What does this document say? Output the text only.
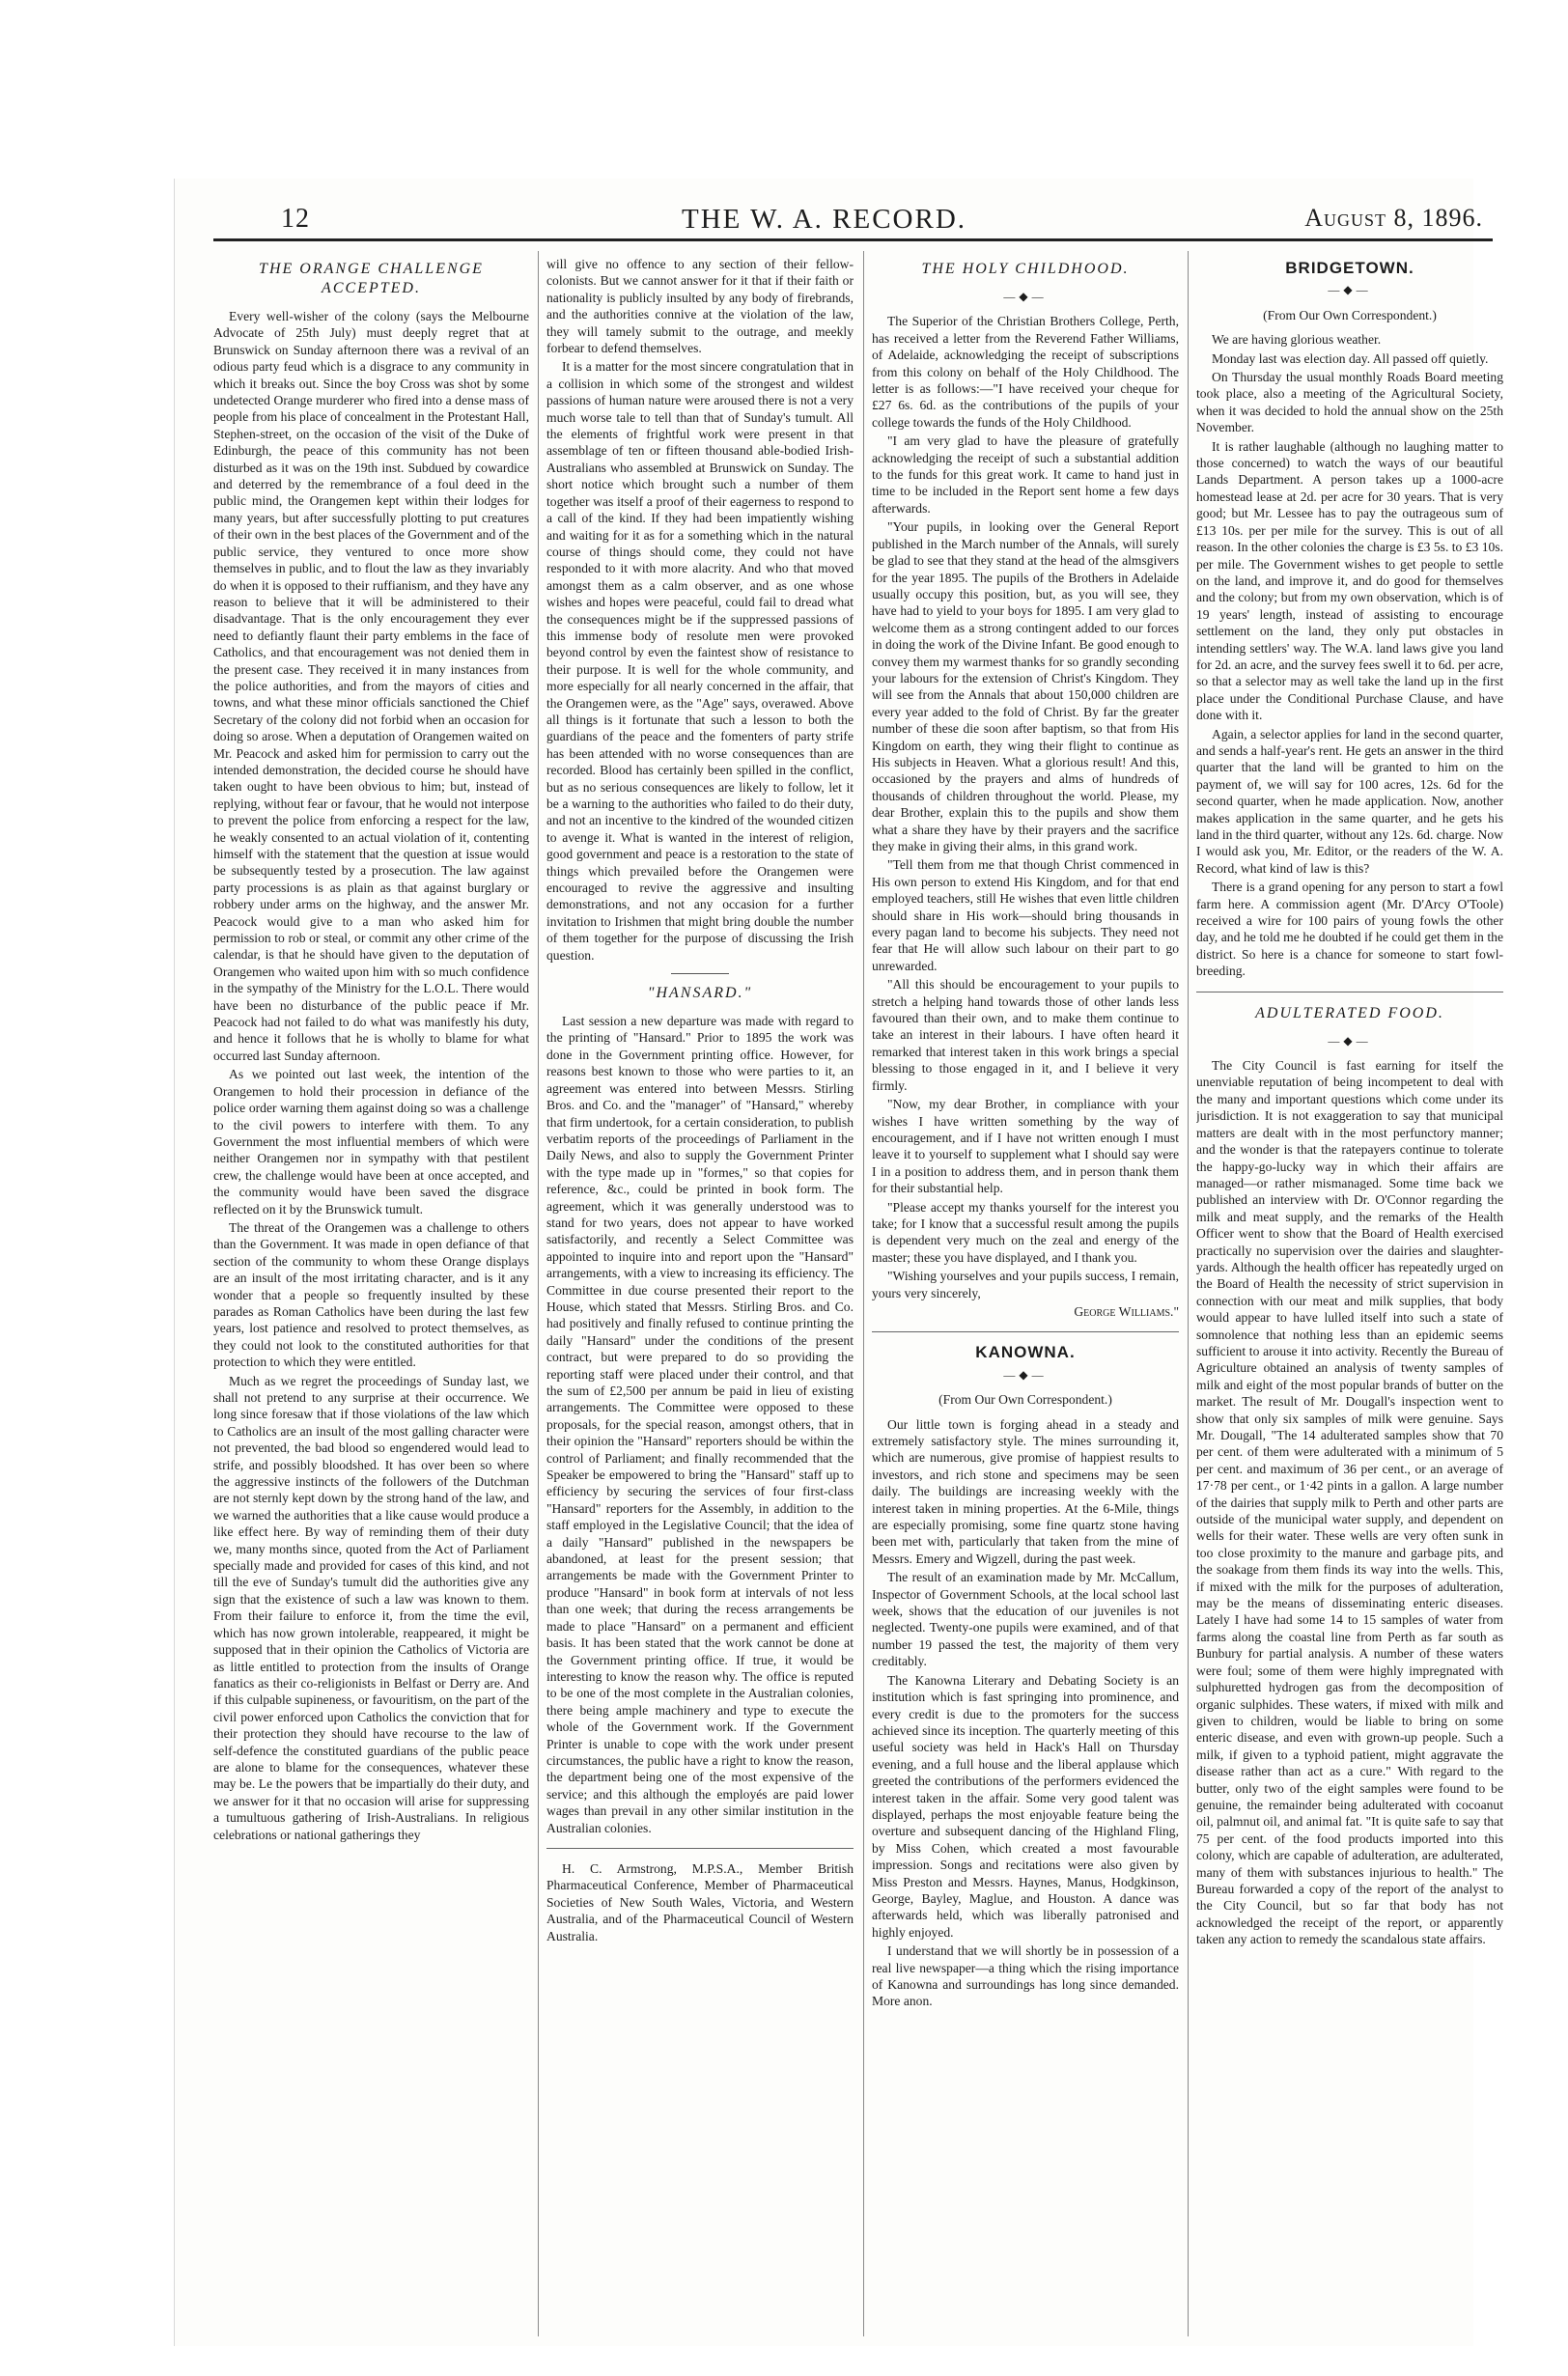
12	THE W. A. RECORD.	August 8, 1896.
THE ORANGE CHALLENGE ACCEPTED.

Every well-wisher of the colony (says the Melbourne Advocate of 25th July) must deeply regret that at Brunswick on Sunday afternoon there was a revival of an odious party feud which is a disgrace to any community in which it breaks out. Since the boy Cross was shot by some undetected Orange murderer who fired into a dense mass of people from his place of concealment in the Protestant Hall, Stephen-street, on the occasion of the visit of the Duke of Edinburgh, the peace of this community has not been disturbed as it was on the 19th inst. Subdued by cowardice and deterred by the remembrance of a foul deed in the public mind, the Orangemen kept within their lodges for many years, but after successfully plotting to put creatures of their own in the best places of the Government and of the public service, they ventured to once more show themselves in public, and to flout the law as they invariably do when it is opposed to their ruffianism, and they have any reason to believe that it will be administered to their disadvantage. That is the only encouragement they ever need to defiantly flaunt their party emblems in the face of Catholics, and that encouragement was not denied them in the present case. They received it in many instances from the police authorities, and from the mayors of cities and towns, and what these minor officials sanctioned the Chief Secretary of the colony did not forbid when an occasion for doing so arose. When a deputation of Orangemen waited on Mr. Peacock and asked him for permission to carry out the intended demonstration, the decided course he should have taken ought to have been obvious to him; but, instead of replying, without fear or favour, that he would not interpose to prevent the police from enforcing a respect for the law, he weakly consented to an actual violation of it, contenting himself with the statement that the question at issue would be subsequently tested by a prosecution. The law against party processions is as plain as that against burglary or robbery under arms on the highway, and the answer Mr. Peacock would give to a man who asked him for permission to rob or steal, or commit any other crime of the calendar, is that he should have given to the deputation of Orangemen who waited upon him with so much confidence in the sympathy of the Ministry for the L.O.L. There would have been no disturbance of the public peace if Mr. Peacock had not failed to do what was manifestly his duty, and hence it follows that he is wholly to blame for what occurred last Sunday afternoon.

As we pointed out last week, the intention of the Orangemen to hold their procession in defiance of the police order warning them against doing so was a challenge to the civil powers to interfere with them. To any Government the most influential members of which were neither Orangemen nor in sympathy with that pestilent crew, the challenge would have been at once accepted, and the community would have been saved the disgrace reflected on it by the Brunswick tumult.

The threat of the Orangemen was a challenge to others than the Government. It was made in open defiance of that section of the community to whom these Orange displays are an insult of the most irritating character, and is it any wonder that a people so frequently insulted by these parades as Roman Catholics have been during the last few years, lost patience and resolved to protect themselves, as they could not look to the constituted authorities for that protection to which they were entitled.

Much as we regret the proceedings of Sunday last, we shall not pretend to any surprise at their occurrence. We long since foresaw that if those violations of the law which to Catholics are an insult of the most galling character were not prevented, the bad blood so engendered would lead to strife, and possibly bloodshed. It has over been so where the aggressive instincts of the followers of the Dutchman are not sternly kept down by the strong hand of the law, and we warned the authorities that a like cause would produce a like effect here. By way of reminding them of their duty we, many months since, quoted from the Act of Parliament specially made and provided for cases of this kind, and not till the eve of Sunday's tumult did the authorities give any sign that the existence of such a law was known to them. From their failure to enforce it, from the time the evil, which has now grown intolerable, reappeared, it might be supposed that in their opinion the Catholics of Victoria are as little entitled to protection from the insults of Orange fanatics as their co-religionists in Belfast or Derry are. And if this culpable supineness, or favouritism, on the part of the civil power enforced upon Catholics the conviction that for their protection they should have recourse to the law of self-defence the constituted guardians of the public peace are alone to blame for the consequences, whatever these may be. Le the powers that be impartially do their duty, and we answer for it that no occasion will arise for suppressing a tumultuous gathering of Irish-Australians. In religious celebrations or national gatherings they

will give no offence to any section of their fellow-colonists. But we cannot answer for it that if their faith or nationality is publicly insulted by any body of firebrands, and the authorities connive at the violation of the law, they will tamely submit to the outrage, and meekly forbear to defend themselves.

It is a matter for the most sincere congratulation that in a collision in which some of the strongest and wildest passions of human nature were aroused there is not a very much worse tale to tell than that of Sunday's tumult. All the elements of frightful work were present in that assemblage of ten or fifteen thousand able-bodied Irish-Australians who assembled at Brunswick on Sunday. The short notice which brought such a number of them together was itself a proof of their eagerness to respond to a call of the kind. If they had been impatiently wishing and waiting for it as for a something which in the natural course of things should come, they could not have responded to it with more alacrity. And who that moved amongst them as a calm observer, and as one whose wishes and hopes were peaceful, could fail to dread what the consequences might be if the suppressed passions of this immense body of resolute men were provoked beyond control by even the faintest show of resistance to their purpose. It is well for the whole community, and more especially for all nearly concerned in the affair, that the Orangemen were, as the "Age" says, overawed. Above all things is it fortunate that such a lesson to both the guardians of the peace and the fomenters of party strife has been attended with no worse consequences than are recorded. Blood has certainly been spilled in the conflict, but as no serious consequences are likely to follow, let it be a warning to the authorities who failed to do their duty, and not an incentive to the kindred of the wounded citizen to avenge it. What is wanted in the interest of religion, good government and peace is a restoration to the state of things which prevailed before the Orangemen were encouraged to revive the aggressive and insulting demonstrations, and not any occasion for a further invitation to Irishmen that might bring double the number of them together for the purpose of discussing the Irish question.

"HANSARD."

Last session a new departure was made with regard to the printing of "Hansard." Prior to 1895 the work was done in the Government printing office. However, for reasons best known to those who were parties to it, an agreement was entered into between Messrs. Stirling Bros. and Co. and the "manager" of "Hansard," whereby that firm undertook, for a certain consideration, to publish verbatim reports of the proceedings of Parliament in the Daily News, and also to supply the Government Printer with the type made up in "formes," so that copies for reference, &c., could be printed in book form. The agreement, which it was generally understood was to stand for two years, does not appear to have worked satisfactorily, and recently a Select Committee was appointed to inquire into and report upon the "Hansard" arrangements, with a view to increasing its efficiency. The Committee in due course presented their report to the House, which stated that Messrs. Stirling Bros. and Co. had positively and finally refused to continue printing the daily "Hansard" under the conditions of the present contract, but were prepared to do so providing the reporting staff were placed under their control, and that the sum of £2,500 per annum be paid in lieu of existing arrangements. The Committee were opposed to these proposals, for the special reason, amongst others, that in their opinion the "Hansard" reporters should be within the control of Parliament; and finally recommended that the Speaker be empowered to bring the "Hansard" staff up to efficiency by securing the services of four first-class "Hansard" reporters for the Assembly, in addition to the staff employed in the Legislative Council; that the idea of a daily "Hansard" published in the newspapers be abandoned, at least for the present session; that arrangements be made with the Government Printer to produce "Hansard" in book form at intervals of not less than one week; that during the recess arrangements be made to place "Hansard" on a permanent and efficient basis. It has been stated that the work cannot be done at the Government printing office. If true, it would be interesting to know the reason why. The office is reputed to be one of the most complete in the Australian colonies, there being ample machinery and type to execute the whole of the Government work. If the Government Printer is unable to cope with the work under present circumstances, the public have a right to know the reason, the department being one of the most expensive of the service; and this although the employés are paid lower wages than prevail in any other similar institution in the Australian colonies.

H. C. Armstrong, M.P.S.A., Member British Pharmaceutical Conference, Member of Pharmaceutical Societies of New South Wales, Victoria, and Western Australia, and of the Pharmaceutical Council of Western Australia.

THE HOLY CHILDHOOD.
—◆—

The Superior of the Christian Brothers College, Perth, has received a letter from the Reverend Father Williams, of Adelaide, acknowledging the receipt of subscriptions from this colony on behalf of the Holy Childhood. The letter is as follows:—"I have received your cheque for £27 6s. 6d. as the contributions of the pupils of your college towards the funds of the Holy Childhood.

"I am very glad to have the pleasure of gratefully acknowledging the receipt of such a substantial addition to the funds for this great work. It came to hand just in time to be included in the Report sent home a few days afterwards.

"Your pupils, in looking over the General Report published in the March number of the Annals, will surely be glad to see that they stand at the head of the almsgivers for the year 1895. The pupils of the Brothers in Adelaide usually occupy this position, but, as you will see, they have had to yield to your boys for 1895. I am very glad to welcome them as a strong contingent added to our forces in doing the work of the Divine Infant. Be good enough to convey them my warmest thanks for so grandly seconding your labours for the extension of Christ's Kingdom. They will see from the Annals that about 150,000 children are every year added to the fold of Christ. By far the greater number of these die soon after baptism, so that from His Kingdom on earth, they wing their flight to continue as His subjects in Heaven. What a glorious result! And this, occasioned by the prayers and alms of hundreds of thousands of children throughout the world. Please, my dear Brother, explain this to the pupils and show them what a share they have by their prayers and the sacrifice they make in giving their alms, in this grand work.

"Tell them from me that though Christ commenced in His own person to extend His Kingdom, and for that end employed teachers, still He wishes that even little children should share in His work—should bring thousands in every pagan land to become his subjects. They need not fear that He will allow such labour on their part to go unrewarded.

"All this should be encouragement to your pupils to stretch a helping hand towards those of other lands less favoured than their own, and to make them continue to take an interest in their labours. I have often heard it remarked that interest taken in this work brings a special blessing to those engaged in it, and I believe it very firmly.

"Now, my dear Brother, in compliance with your wishes I have written something by the way of encouragement, and if I have not written enough I must leave it to yourself to supplement what I should say were I in a position to address them, and in person thank them for their substantial help.

"Please accept my thanks yourself for the interest you take; for I know that a successful result among the pupils is dependent very much on the zeal and energy of the master; these you have displayed, and I thank you.

"Wishing yourselves and your pupils success, I remain, yours very sincerely,

George Williams."

KANOWNA.
—◆—
(From Our Own Correspondent.)

Our little town is forging ahead in a steady and extremely satisfactory style. The mines surrounding it, which are numerous, give promise of happiest results to investors, and rich stone and specimens may be seen daily. The buildings are increasing weekly with the interest taken in mining properties. At the 6-Mile, things are especially promising, some fine quartz stone having been met with, particularly that taken from the mine of Messrs. Emery and Wigzell, during the past week.

The result of an examination made by Mr. McCallum, Inspector of Government Schools, at the local school last week, shows that the education of our juveniles is not neglected. Twenty-one pupils were examined, and of that number 19 passed the test, the majority of them very creditably.

The Kanowna Literary and Debating Society is an institution which is fast springing into prominence, and every credit is due to the promoters for the success achieved since its inception. The quarterly meeting of this useful society was held in Hack's Hall on Thursday evening, and a full house and the liberal applause which greeted the contributions of the performers evidenced the interest taken in the affair. Some very good talent was displayed, perhaps the most enjoyable feature being the overture and subsequent dancing of the Highland Fling, by Miss Cohen, which created a most favourable impression. Songs and recitations were also given by Miss Preston and Messrs. Haynes, Manus, Hodgkinson, George, Bayley, Maglue, and Houston. A dance was afterwards held, which was liberally patronised and highly enjoyed.

I understand that we will shortly be in possession of a real live newspaper—a thing which the rising importance of Kanowna and surroundings has long since demanded. More anon.

BRIDGETOWN.
—◆—
(From Our Own Correspondent.)

We are having glorious weather.

Monday last was election day. All passed off quietly.

On Thursday the usual monthly Roads Board meeting took place, also a meeting of the Agricultural Society, when it was decided to hold the annual show on the 25th November.

It is rather laughable (although no laughing matter to those concerned) to watch the ways of our beautiful Lands Department. A person takes up a 1000-acre homestead lease at 2d. per acre for 30 years. That is very good; but Mr. Lessee has to pay the outrageous sum of £13 10s. per per mile for the survey. This is out of all reason. In the other colonies the charge is £3 5s. to £3 10s. per mile. The Government wishes to get people to settle on the land, and improve it, and do good for themselves and the colony; but from my own observation, which is of 19 years' length, instead of assisting to encourage settlement on the land, they only put obstacles in intending settlers' way. The W.A. land laws give you land for 2d. an acre, and the survey fees swell it to 6d. per acre, so that a selector may as well take the land up in the first place under the Conditional Purchase Clause, and have done with it.

Again, a selector applies for land in the second quarter, and sends a half-year's rent. He gets an answer in the third quarter that the land will be granted to him on the payment of, we will say for 100 acres, 12s. 6d for the second quarter, when he made application. Now, another makes application in the same quarter, and he gets his land in the third quarter, without any 12s. 6d. charge. Now I would ask you, Mr. Editor, or the readers of the W. A. Record, what kind of law is this?

There is a grand opening for any person to start a fowl farm here. A commission agent (Mr. D'Arcy O'Toole) received a wire for 100 pairs of young fowls the other day, and he told me he doubted if he could get them in the district. So here is a chance for someone to start fowl-breeding.

ADULTERATED FOOD.
—◆—

The City Council is fast earning for itself the unenviable reputation of being incompetent to deal with the many and important questions which come under its jurisdiction. It is not exaggeration to say that municipal matters are dealt with in the most perfunctory manner; and the wonder is that the ratepayers continue to tolerate the happy-go-lucky way in which their affairs are managed—or rather mismanaged. Some time back we published an interview with Dr. O'Connor regarding the milk and meat supply, and the remarks of the Health Officer went to show that the Board of Health exercised practically no supervision over the dairies and slaughter-yards. Although the health officer has repeatedly urged on the Board of Health the necessity of strict supervision in connection with our meat and milk supplies, that body would appear to have lulled itself into such a state of somnolence that nothing less than an epidemic seems sufficient to arouse it into activity. Recently the Bureau of Agriculture obtained an analysis of twenty samples of milk and eight of the most popular brands of butter on the market. The result of Mr. Dougall's inspection went to show that only six samples of milk were genuine. Says Mr. Dougall, "The 14 adulterated samples show that 70 per cent. of them were adulterated with a minimum of 5 per cent. and maximum of 36 per cent., or an average of 17·78 per cent., or 1·42 pints in a gallon. A large number of the dairies that supply milk to Perth and other parts are outside of the municipal water supply, and dependent on wells for their water. These wells are very often sunk in too close proximity to the manure and garbage pits, and the soakage from them finds its way into the wells. This, if mixed with the milk for the purposes of adulteration, may be the means of disseminating enteric diseases. Lately I have had some 14 to 15 samples of water from farms along the coastal line from Perth as far south as Bunbury for partial analysis. A number of these waters were foul; some of them were highly impregnated with sulphuretted hydrogen gas from the decomposition of organic sulphides. These waters, if mixed with milk and given to children, would be liable to bring on some enteric disease, and even with grown-up people. Such a milk, if given to a typhoid patient, might aggravate the disease rather than act as a cure." With regard to the butter, only two of the eight samples were found to be genuine, the remainder being adulterated with cocoanut oil, palmnut oil, and animal fat. "It is quite safe to say that 75 per cent. of the food products imported into this colony, which are capable of adulteration, are adulterated, many of them with substances injurious to health." The Bureau forwarded a copy of the report of the analyst to the City Council, but so far that body has not acknowledged the receipt of the report, or apparently taken any action to remedy the scandalous state affairs.
